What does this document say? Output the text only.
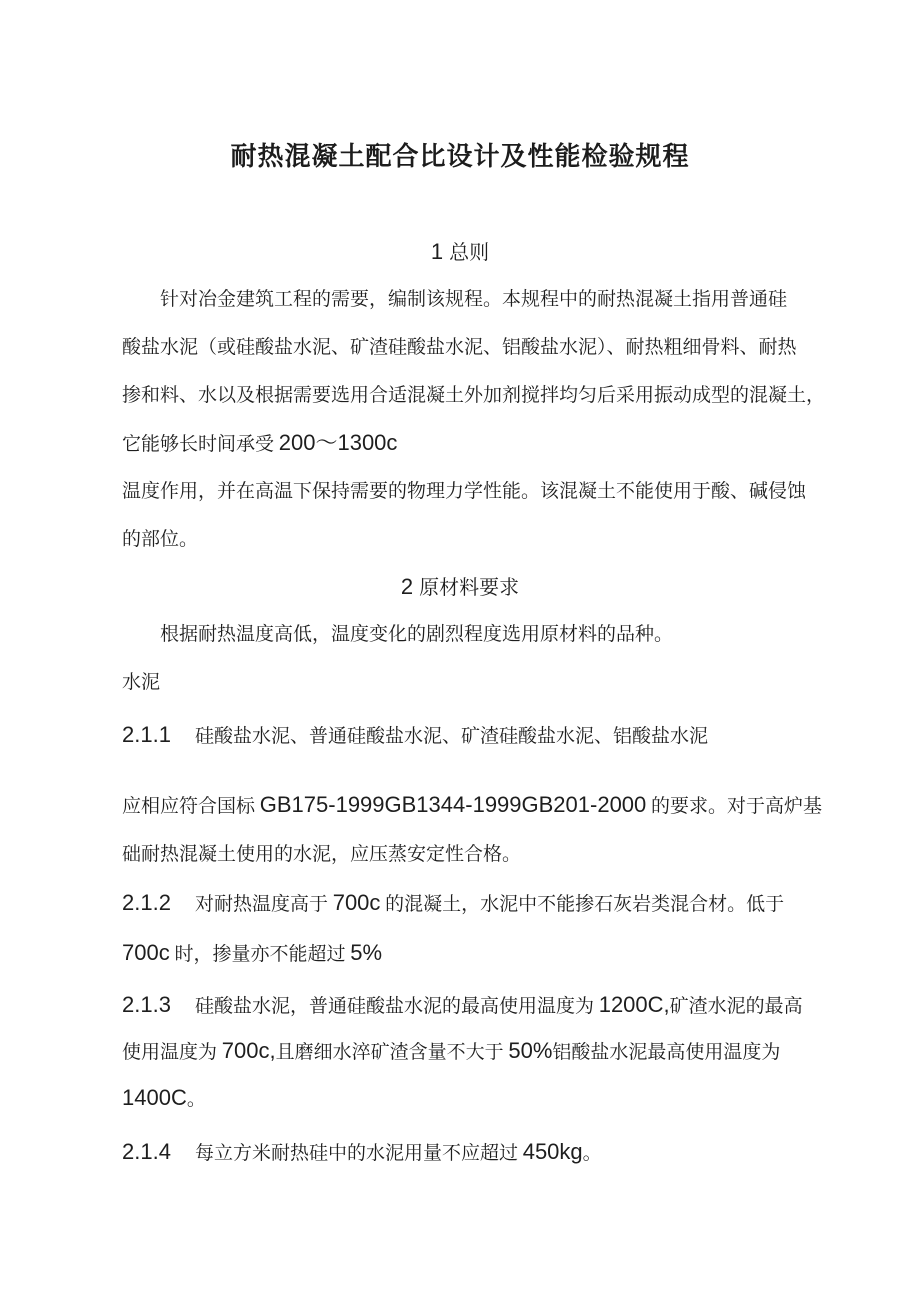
耐热混凝土配合比设计及性能检验规程
1 总则
针对冶金建筑工程的需要，编制该规程。本规程中的耐热混凝土指用普通硅
酸盐水泥（或硅酸盐水泥、矿渣硅酸盐水泥、铝酸盐水泥）、耐热粗细骨料、耐热
掺和料、水以及根据需要选用合适混凝土外加剂搅拌均匀后采用振动成型的混凝土，
它能够长时间承受 200〜1300c
温度作用，并在高温下保持需要的物理力学性能。该混凝土不能使用于酸、碱侵蚀
的部位。
2 原材料要求
根据耐热温度高低，温度变化的剧烈程度选用原材料的品种。
水泥
2.1.1 硅酸盐水泥、普通硅酸盐水泥、矿渣硅酸盐水泥、铝酸盐水泥
应相应符合国标 GB175-1999GB1344-1999GB201-2000 的要求。对于高炉基
础耐热混凝土使用的水泥，应压蒸安定性合格。
2.1.2 对耐热温度高于 700c 的混凝土，水泥中不能掺石灰岩类混合材。低于
700c 时，掺量亦不能超过 5%
2.1.3 硅酸盐水泥，普通硅酸盐水泥的最高使用温度为 1200C,矿渣水泥的最高
使用温度为 700c,且磨细水淬矿渣含量不大于 50%铝酸盐水泥最高使用温度为
1400C。
2.1.4 每立方米耐热硅中的水泥用量不应超过 450kg。
